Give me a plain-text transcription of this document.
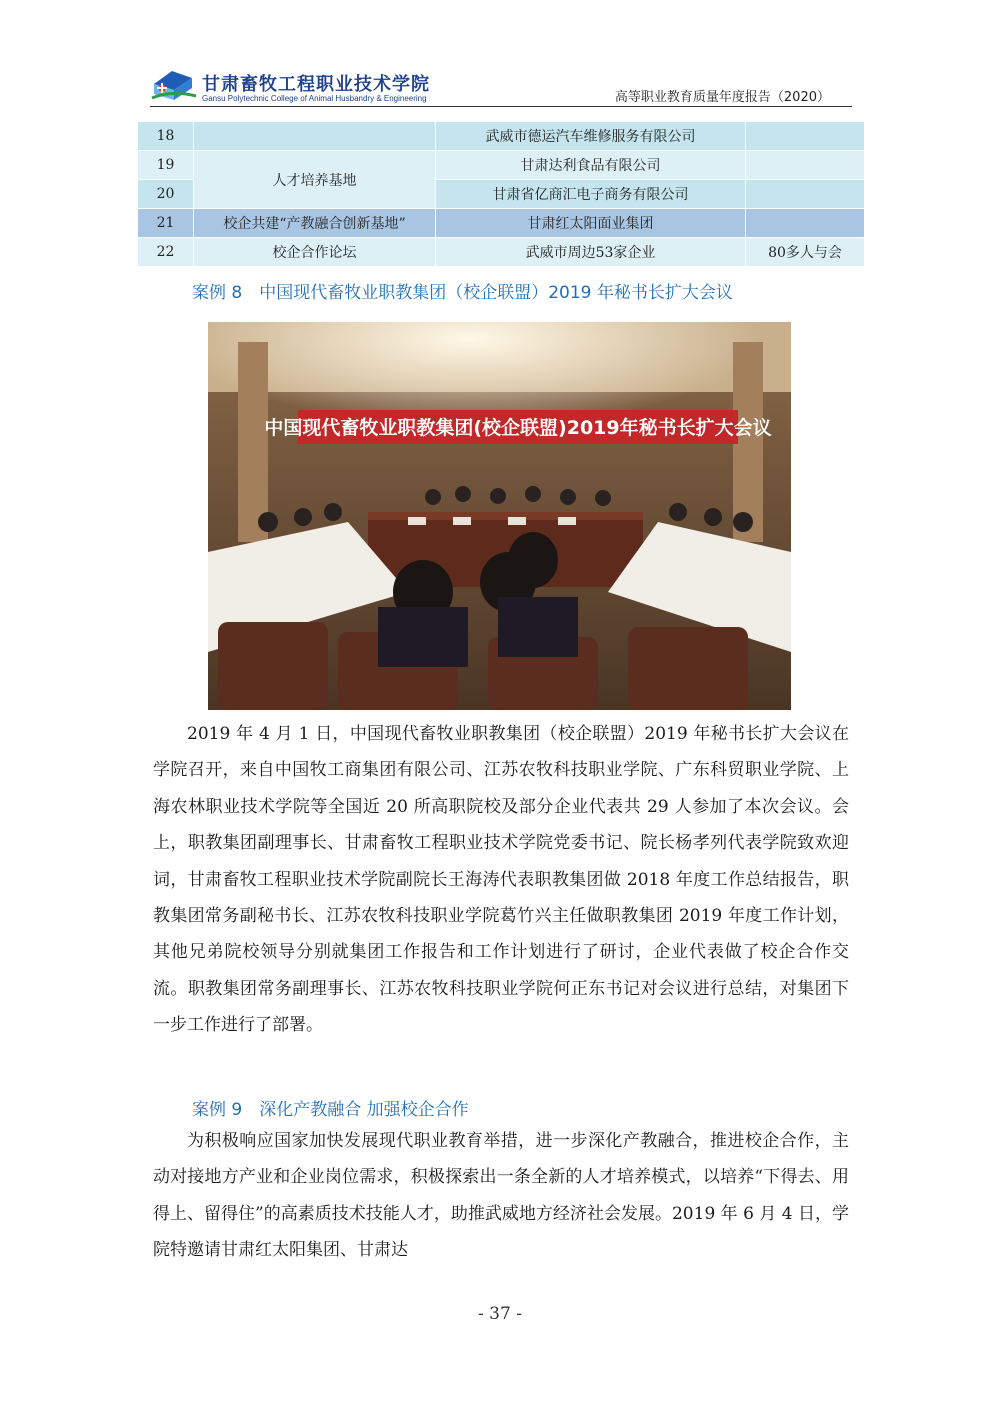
甘肃畜牧工程职业技术学院
Gansu Polytechnic College of Animal Husbandry & Engineering	高等职业教育质量年度报告（2020）
18		武威市德运汽车维修服务有限公司	
19	人才培养基地	甘肃达利食品有限公司	
20		甘肃省亿商汇电子商务有限公司	
21	校企共建“产教融合创新基地”	甘肃红太阳面业集团	
22	校企合作论坛	武威市周边53家企业	80多人与会
案例 8　中国现代畜牧业职教集团（校企联盟）2019 年秘书长扩大会议
中国现代畜牧业职教集团(校企联盟)2019年秘书长扩大会议
2019 年 4 月 1 日，中国现代畜牧业职教集团（校企联盟）2019 年秘书长扩大会议在学院召开，来自中国牧工商集团有限公司、江苏农牧科技职业学院、广东科贸职业学院、上海农林职业技术学院等全国近 20 所高职院校及部分企业代表共 29 人参加了本次会议。会上，职教集团副理事长、甘肃畜牧工程职业技术学院党委书记、院长杨孝列代表学院致欢迎词，甘肃畜牧工程职业技术学院副院长王海涛代表职教集团做 2018 年度工作总结报告，职教集团常务副秘书长、江苏农牧科技职业学院葛竹兴主任做职教集团 2019 年度工作计划，其他兄弟院校领导分别就集团工作报告和工作计划进行了研讨，企业代表做了校企合作交流。职教集团常务副理事长、江苏农牧科技职业学院何正东书记对会议进行总结，对集团下一步工作进行了部署。
案例 9　深化产教融合 加强校企合作
为积极响应国家加快发展现代职业教育举措，进一步深化产教融合，推进校企合作，主动对接地方产业和企业岗位需求，积极探索出一条全新的人才培养模式，以培养“下得去、用得上、留得住”的高素质技术技能人才，助推武威地方经济社会发展。2019 年 6 月 4 日，学院特邀请甘肃红太阳集团、甘肃达
- 37 -
